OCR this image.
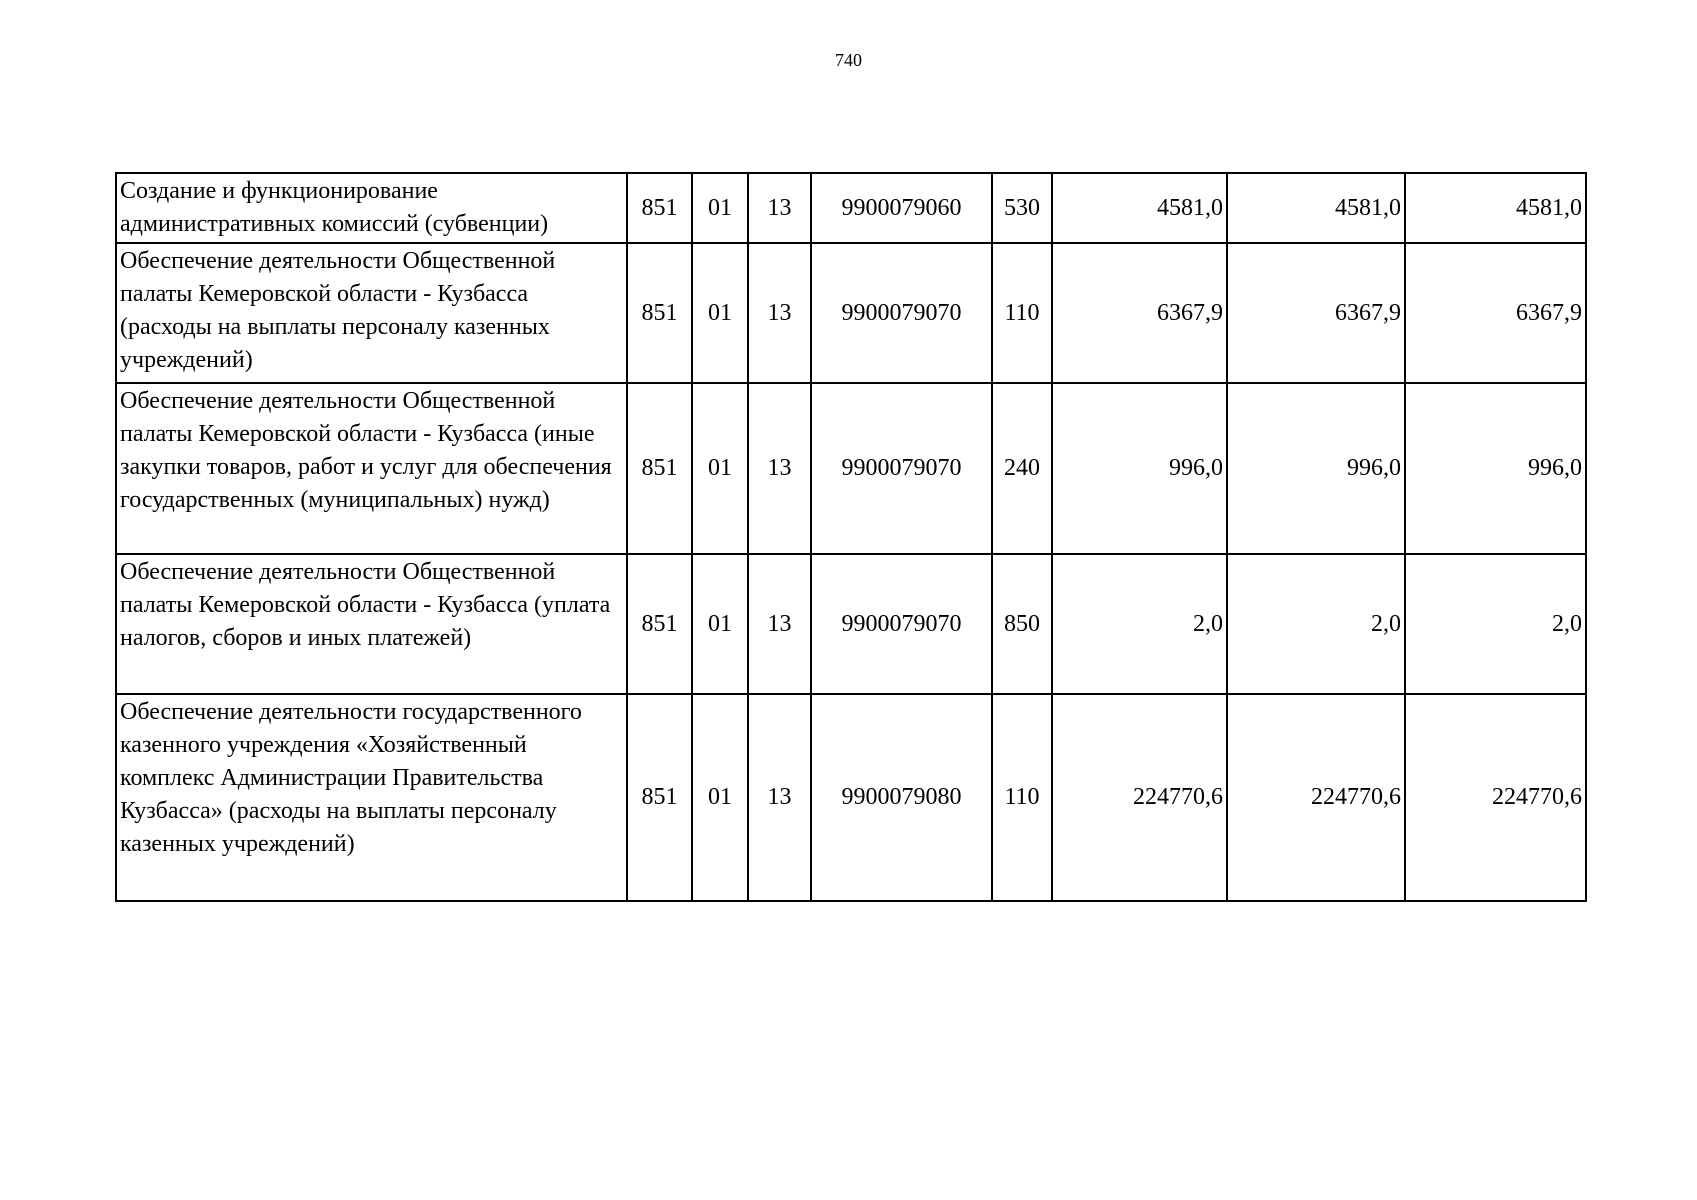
740
Создание и функционирование административных комиссий (субвенции)	851	01	13	9900079060	530	4581,0	4581,0	4581,0
Обеспечение деятельности Общественной палаты Кемеровской области - Кузбасса (расходы на выплаты персоналу казенных учреждений)	851	01	13	9900079070	110	6367,9	6367,9	6367,9
Обеспечение деятельности Общественной палаты Кемеровской области - Кузбасса (иные закупки товаров, работ и услуг для обеспечения государственных (муниципальных) нужд)	851	01	13	9900079070	240	996,0	996,0	996,0
Обеспечение деятельности Общественной палаты Кемеровской области - Кузбасса (уплата налогов, сборов и иных платежей)	851	01	13	9900079070	850	2,0	2,0	2,0
Обеспечение деятельности государственного казенного учреждения «Хозяйственный комплекс Администрации Правительства Кузбасса» (расходы на выплаты персоналу казенных учреждений)	851	01	13	9900079080	110	224770,6	224770,6	224770,6
